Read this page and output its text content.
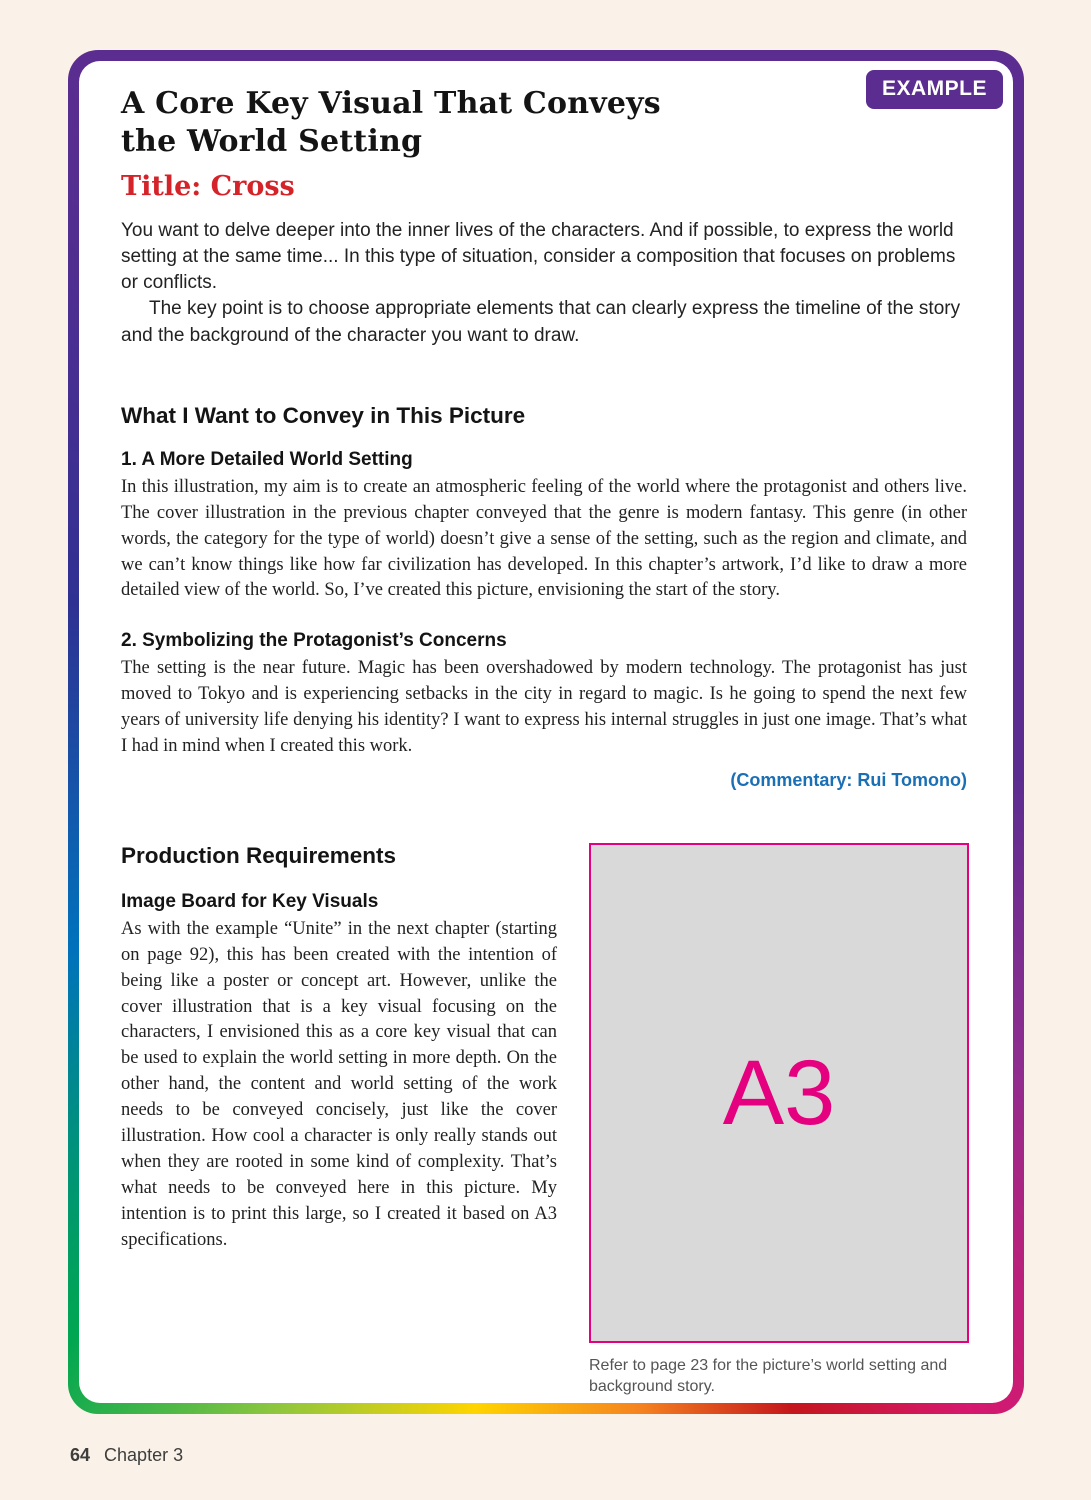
EXAMPLE
A Core Key Visual That Conveys
the World Setting
Title: Cross

You want to delve deeper into the inner lives of the characters. And if possible, to express the world setting at the same time... In this type of situation, consider a composition that focuses on problems or conflicts.

The key point is to choose appropriate elements that can clearly express the timeline of the story and the background of the character you want to draw.

What I Want to Convey in This Picture
1. A More Detailed World Setting

In this illustration, my aim is to create an atmospheric feeling of the world where the protagonist and others live. The cover illustration in the previous chapter conveyed that the genre is modern fantasy. This genre (in other words, the category for the type of world) doesn’t give a sense of the setting, such as the region and climate, and we can’t know things like how far civilization has developed. In this chapter’s artwork, I’d like to draw a more detailed view of the world. So, I’ve created this picture, envisioning the start of the story.

2. Symbolizing the Protagonist’s Concerns

The setting is the near future. Magic has been overshadowed by modern technology. The protagonist has just moved to Tokyo and is experiencing setbacks in the city in regard to magic. Is he going to spend the next few years of university life denying his identity? I want to express his internal struggles in just one image. That’s what I had in mind when I created this work.

(Commentary: Rui Tomono)
Production Requirements
Image Board for Key Visuals

As with the example “Unite” in the next chapter (starting on page 92), this has been created with the intention of being like a poster or concept art. However, unlike the cover illustration that is a key visual focusing on the characters, I envisioned this as a core key visual that can be used to explain the world setting in more depth. On the other hand, the content and world setting of the work needs to be conveyed concisely, just like the cover illustration. How cool a character is only really stands out when they are rooted in some kind of complexity. That’s what needs to be conveyed here in this picture. My intention is to print this large, so I created it based on A3 specifications.

A3
Refer to page 23 for the picture’s world setting and background story.
64 Chapter 3
